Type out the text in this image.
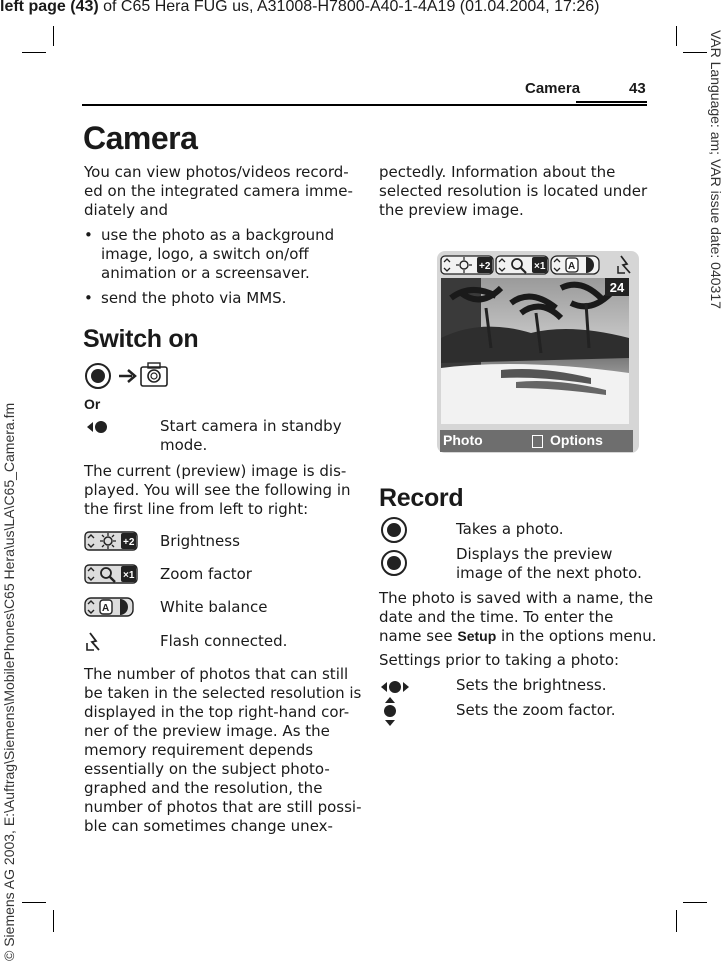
left page (43) of C65 Hera FUG us, A31008-H7800-A40-1-4A19 (01.04.2004, 17:26)
VAR Language: am; VAR issue date: 040317
© Siemens AG 2003, E:\Auftrag\Siemens\MobilePhones\C65 Hera\us\LA\C65_Camera.fm
Camera	43
Camera
You can view photos/videos record-
ed on the integrated camera imme-
diately and
• use the photo as a background
image, logo, a switch on/off
animation or a screensaver.
• send the photo via MMS.
Switch on
Or
Start camera in standby
mode.
The current (preview) image is dis-
played. You will see the following in
the first line from left to right:
+2 Brightness
×1 Zoom factor
A	White balance
Flash connected.
The number of photos that can still
be taken in the selected resolution is
displayed in the top right-hand cor-
ner of the preview image. As the
memory requirement depends
essentially on the subject photo-
graphed and the resolution, the
number of photos that are still possi-
ble can sometimes change unex-
pectedly. Information about the
selected resolution is located under
the preview image.
+2	×1 A
24
Photo	Options
Record
Takes a photo.
Displays the preview
image of the next photo.
The photo is saved with a name, the
date and the time. To enter the
name see Setup in the options menu.
Settings prior to taking a photo:
Sets the brightness.
Sets the zoom factor.
